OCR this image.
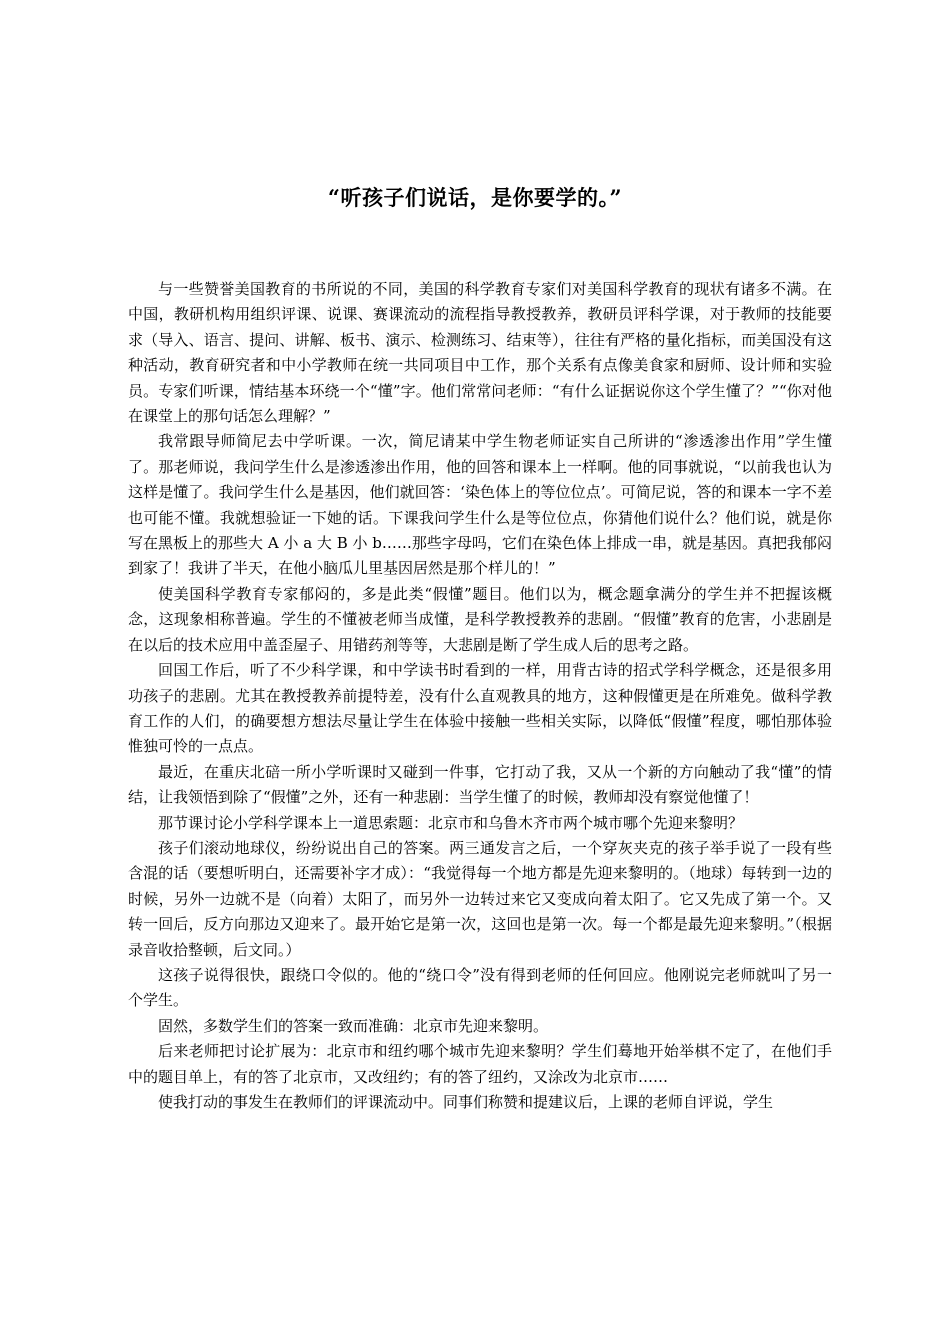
“听孩子们说话，是你要学的。”

与一些赞誉美国教育的书所说的不同，美国的科学教育专家们对美国科学教育的现状有诸多不满。在中国，教研机构用组织评课、说课、赛课流动的流程指导教授教养，教研员评科学课，对于教师的技能要求（导入、语言、提问、讲解、板书、演示、检测练习、结束等），往往有严格的量化指标，而美国没有这种活动，教育研究者和中小学教师在统一共同项目中工作，那个关系有点像美食家和厨师、设计师和实验员。专家们听课，情结基本环绕一个“懂”字。他们常常问老师：“有什么证据说你这个学生懂了？”“你对他在课堂上的那句话怎么理解？”

我常跟导师简尼去中学听课。一次，简尼请某中学生物老师证实自己所讲的“渗透渗出作用”学生懂了。那老师说，我问学生什么是渗透渗出作用，他的回答和课本上一样啊。他的同事就说，“以前我也认为这样是懂了。我问学生什么是基因，他们就回答：‘染色体上的等位位点’。可简尼说，答的和课本一字不差也可能不懂。我就想验证一下她的话。下课我问学生什么是等位位点，你猜他们说什么？他们说，就是你写在黑板上的那些大 A 小 a 大 B 小 b……那些字母吗，它们在染色体上排成一串，就是基因。真把我郁闷到家了！我讲了半天，在他小脑瓜儿里基因居然是那个样儿的！”

使美国科学教育专家郁闷的，多是此类“假懂”题目。他们以为，概念题拿满分的学生并不把握该概念，这现象相称普遍。学生的不懂被老师当成懂，是科学教授教养的悲剧。“假懂”教育的危害，小悲剧是在以后的技术应用中盖歪屋子、用错药剂等等，大悲剧是断了学生成人后的思考之路。

回国工作后，听了不少科学课，和中学读书时看到的一样，用背古诗的招式学科学概念，还是很多用功孩子的悲剧。尤其在教授教养前提特差，没有什么直观教具的地方，这种假懂更是在所难免。做科学教育工作的人们，的确要想方想法尽量让学生在体验中接触一些相关实际，以降低“假懂”程度，哪怕那体验惟独可怜的一点点。

最近，在重庆北碚一所小学听课时又碰到一件事，它打动了我，又从一个新的方向触动了我“懂”的情结，让我领悟到除了“假懂”之外，还有一种悲剧：当学生懂了的时候，教师却没有察觉他懂了！

那节课讨论小学科学课本上一道思索题：北京市和乌鲁木齐市两个城市哪个先迎来黎明？

孩子们滚动地球仪，纷纷说出自己的答案。两三通发言之后，一个穿灰夹克的孩子举手说了一段有些含混的话（要想听明白，还需要补字才成）：“我觉得每一个地方都是先迎来黎明的。（地球）每转到一边的时候，另外一边就不是（向着）太阳了，而另外一边转过来它又变成向着太阳了。它又先成了第一个。又转一回后，反方向那边又迎来了。最开始它是第一次，这回也是第一次。每一个都是最先迎来黎明。”（根据录音收拾整顿，后文同。）

这孩子说得很快，跟绕口令似的。他的“绕口令”没有得到老师的任何回应。他刚说完老师就叫了另一个学生。

固然，多数学生们的答案一致而准确：北京市先迎来黎明。

后来老师把讨论扩展为：北京市和纽约哪个城市先迎来黎明？学生们蓦地开始举棋不定了，在他们手中的题目单上，有的答了北京市，又改纽约；有的答了纽约，又涂改为北京市……

使我打动的事发生在教师们的评课流动中。同事们称赞和提建议后，上课的老师自评说，学生
